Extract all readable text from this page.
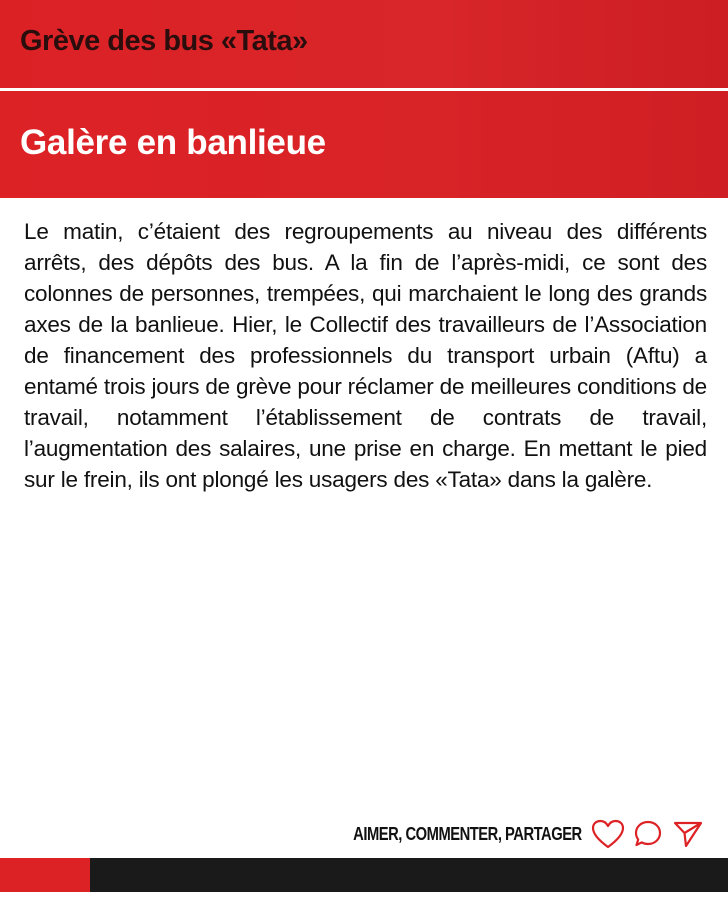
Grève des bus «Tata»
Galère en banlieue

Le matin, c’étaient des regroupements au niveau des différents arrêts, des dépôts des bus. A la fin de l’après-midi, ce sont des colonnes de personnes, trempées, qui marchaient le long des grands axes de la banlieue. Hier, le Collectif des travailleurs de l’Association de financement des professionnels du transport urbain (Aftu) a entamé trois jours de grève pour réclamer de meilleures conditions de travail, notamment l’établissement de contrats de travail, l’augmentation des salaires, une prise en charge. En mettant le pied sur le frein, ils ont plongé les usagers des «Tata» dans la galère.

AIMER, COMMENTER, PARTAGER
